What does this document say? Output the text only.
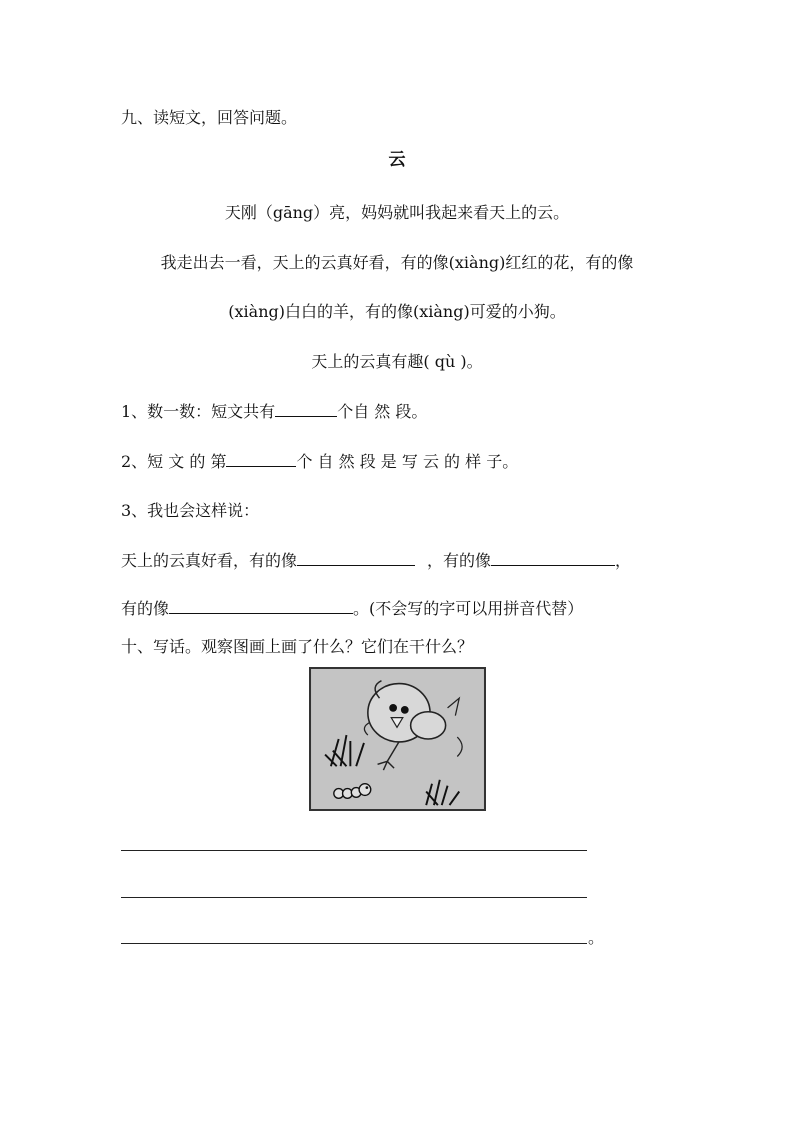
九、读短文，回答问题。
云
天刚（gāng）亮，妈妈就叫我起来看天上的云。
我走出去一看，天上的云真好看，有的像(xiàng)红红的花，有的像
(xiàng)白白的羊，有的像(xiàng)可爱的小狗。
天上的云真有趣( qù )。
1、数一数：短文共有	个自 然 段。
2、短 文 的 第	个 自 然 段 是 写 云 的 样 子。
3、我也会这样说：
天上的云真好看，有的像	，有的像	，
有的像	。(不会写的字可以用拼音代替）
十、写话。观察图画上画了什么？它们在干什么？
。
